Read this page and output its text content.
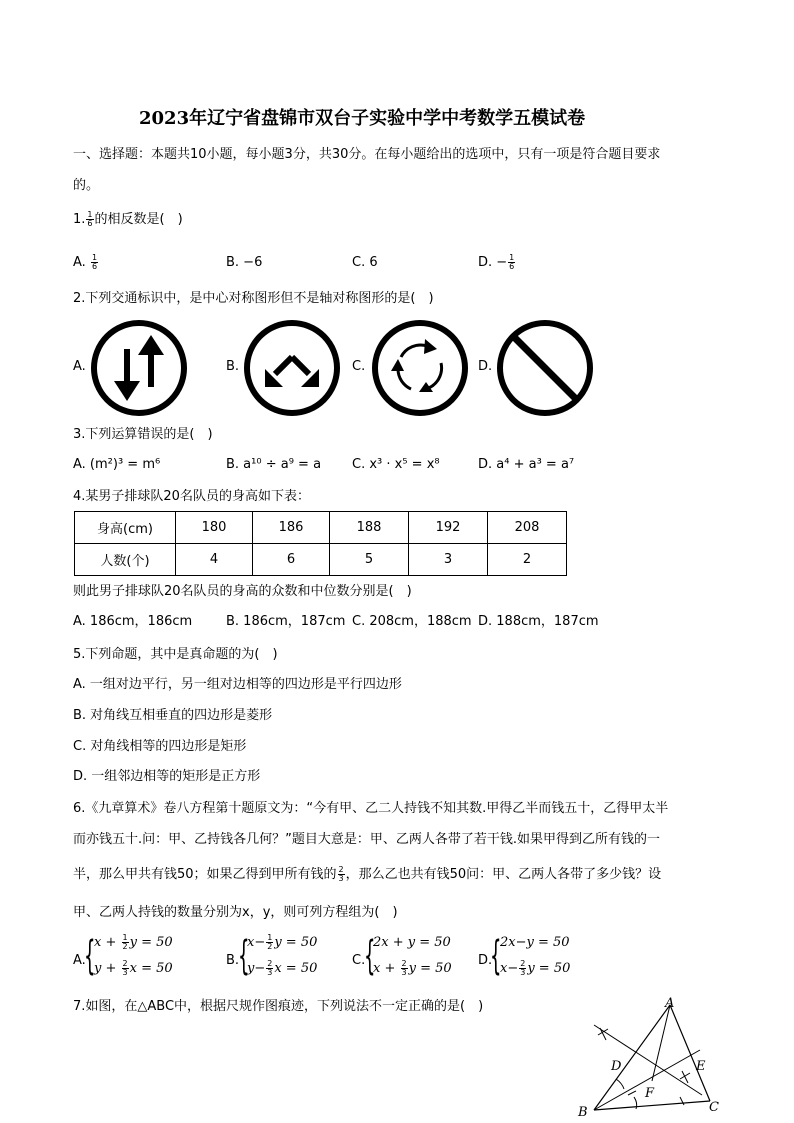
2023年辽宁省盘锦市双台子实验中学中考数学五模试卷
一、选择题：本题共10小题，每小题3分，共30分。在每小题给出的选项中，只有一项是符合题目要求
的。
1. $\frac{1}{6}$ 的相反数是(　)
A. $\frac{1}{6}$	B. −6	C. 6	D. − $\frac{1}{6}$
2.下列交通标识中，是中心对称图形但不是轴对称图形的是(　)
A.	B.	C.	D.
3.下列运算错误的是(　)
A. (m²)³ = m⁶	B. a¹⁰ ÷ a⁹ = a C. x³ · x⁵ = x⁸	D. a⁴ + a³ = a⁷
4.某男子排球队20名队员的身高如下表：
身高(cm)	180	186	188	192	208
人数(个)	4	6	5	3	2
则此男子排球队20名队员的身高的众数和中位数分别是(　)
A. 186cm，186cm	B. 186cm，187cm C. 208cm，188cm D. 188cm，187cm
5.下列命题，其中是真命题的为(　)
A. 一组对边平行，另一组对边相等的四边形是平行四边形
B. 对角线互相垂直的四边形是菱形
C. 对角线相等的四边形是矩形
D. 一组邻边相等的矩形是正方形
6.《九章算术》卷八方程第十题原文为：“今有甲、乙二人持钱不知其数.甲得乙半而钱五十，乙得甲太半
而亦钱五十.问：甲、乙持钱各几何？”题目大意是：甲、乙两人各带了若干钱.如果甲得到乙所有钱的一
半，那么甲共有钱50；如果乙得到甲所有钱的 $\frac{2}{3}$ ，那么乙也共有钱50问：甲、乙两人各带了多少钱？设
甲、乙两人持钱的数量分别为x，y，则可列方程组为(　)
A.
{
$x + \frac{1}{2}$ y = 50
$y + \frac{2}{3}$ x = 50
B.
{
$x- \frac{1}{2}$ y = 50
$y- \frac{2}{3}$ x = 50
C.
{
2x + y = 50
$x + \frac{2}{3}$ y = 50
D.
{
2x−y = 50
$x- \frac{2}{3}$ y = 50
7.如图，在△ABC中，根据尺规作图痕迹，下列说法不一定正确的是(　)	A
B	C
D	E
F
